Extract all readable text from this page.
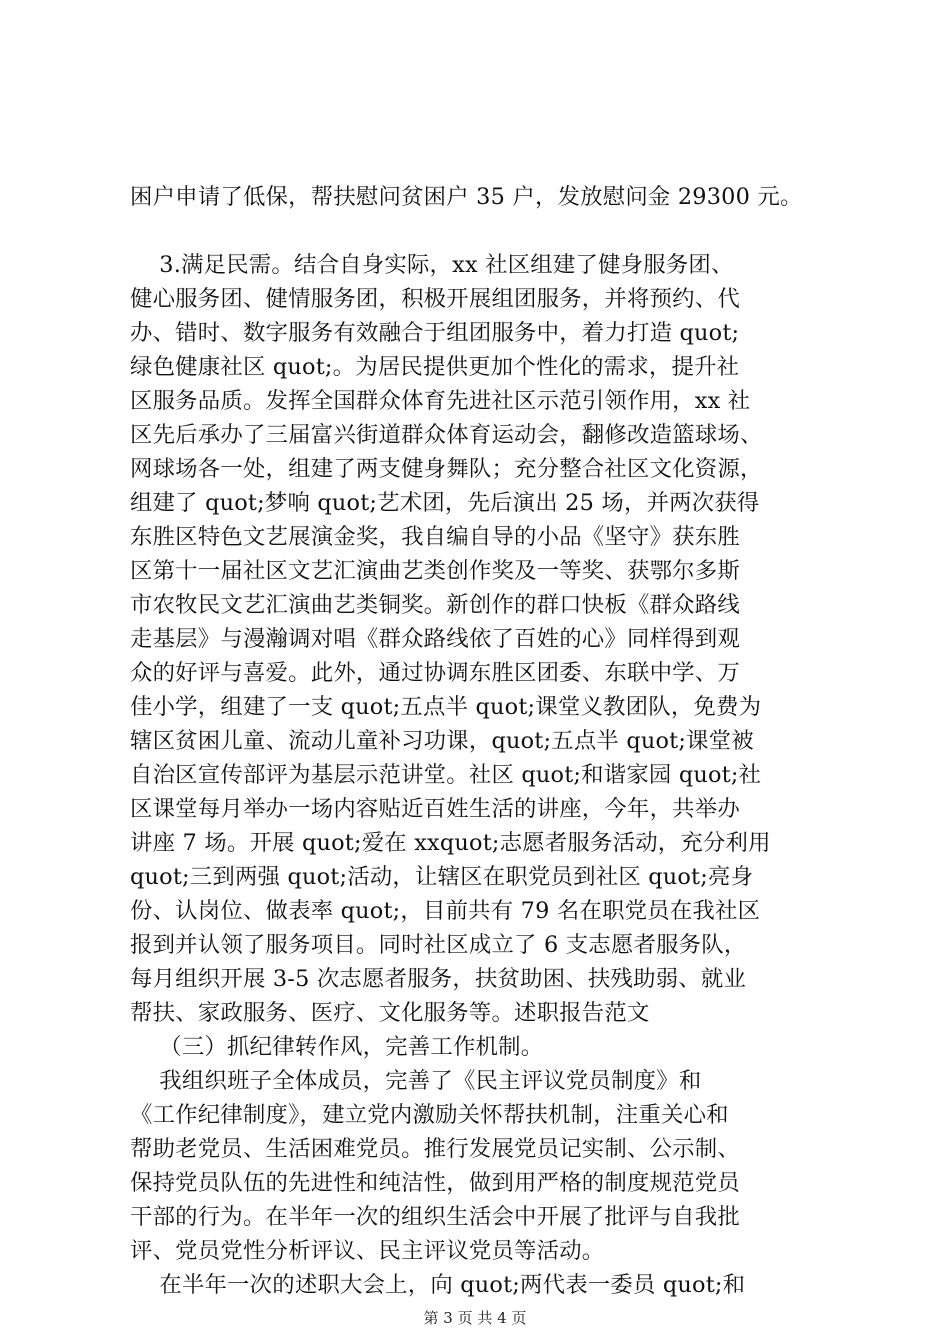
困户申请了低保，帮扶慰问贫困户 35 户，发放慰问金 29300 元。
3.满足民需。结合自身实际，xx 社区组建了健身服务团、
健心服务团、健情服务团，积极开展组团服务，并将预约、代
办、错时、数字服务有效融合于组团服务中，着力打造 quot;
绿色健康社区 quot;。为居民提供更加个性化的需求，提升社
区服务品质。发挥全国群众体育先进社区示范引领作用，xx 社
区先后承办了三届富兴街道群众体育运动会，翻修改造篮球场、
网球场各一处，组建了两支健身舞队；充分整合社区文化资源，
组建了 quot;梦响 quot;艺术团，先后演出 25 场，并两次获得
东胜区特色文艺展演金奖，我自编自导的小品《坚守》获东胜
区第十一届社区文艺汇演曲艺类创作奖及一等奖、获鄂尔多斯
市农牧民文艺汇演曲艺类铜奖。新创作的群口快板《群众路线
走基层》与漫瀚调对唱《群众路线依了百姓的心》同样得到观
众的好评与喜爱。此外，通过协调东胜区团委、东联中学、万
佳小学，组建了一支 quot;五点半 quot;课堂义教团队，免费为
辖区贫困儿童、流动儿童补习功课，quot;五点半 quot;课堂被
自治区宣传部评为基层示范讲堂。社区 quot;和谐家园 quot;社
区课堂每月举办一场内容贴近百姓生活的讲座，今年，共举办
讲座 7 场。开展 quot;爱在 xxquot;志愿者服务活动，充分利用
quot;三到两强 quot;活动，让辖区在职党员到社区 quot;亮身
份、认岗位、做表率 quot;，目前共有 79 名在职党员在我社区
报到并认领了服务项目。同时社区成立了 6 支志愿者服务队，
每月组织开展 3-5 次志愿者服务，扶贫助困、扶残助弱、就业
帮扶、家政服务、医疗、文化服务等。述职报告范文
（三）抓纪律转作风，完善工作机制。
我组织班子全体成员，完善了《民主评议党员制度》和
《工作纪律制度》，建立党内激励关怀帮扶机制，注重关心和
帮助老党员、生活困难党员。推行发展党员记实制、公示制、
保持党员队伍的先进性和纯洁性，做到用严格的制度规范党员
干部的行为。在半年一次的组织生活会中开展了批评与自我批
评、党员党性分析评议、民主评议党员等活动。
在半年一次的述职大会上，向 quot;两代表一委员 quot;和
第 3 页 共 4 页
